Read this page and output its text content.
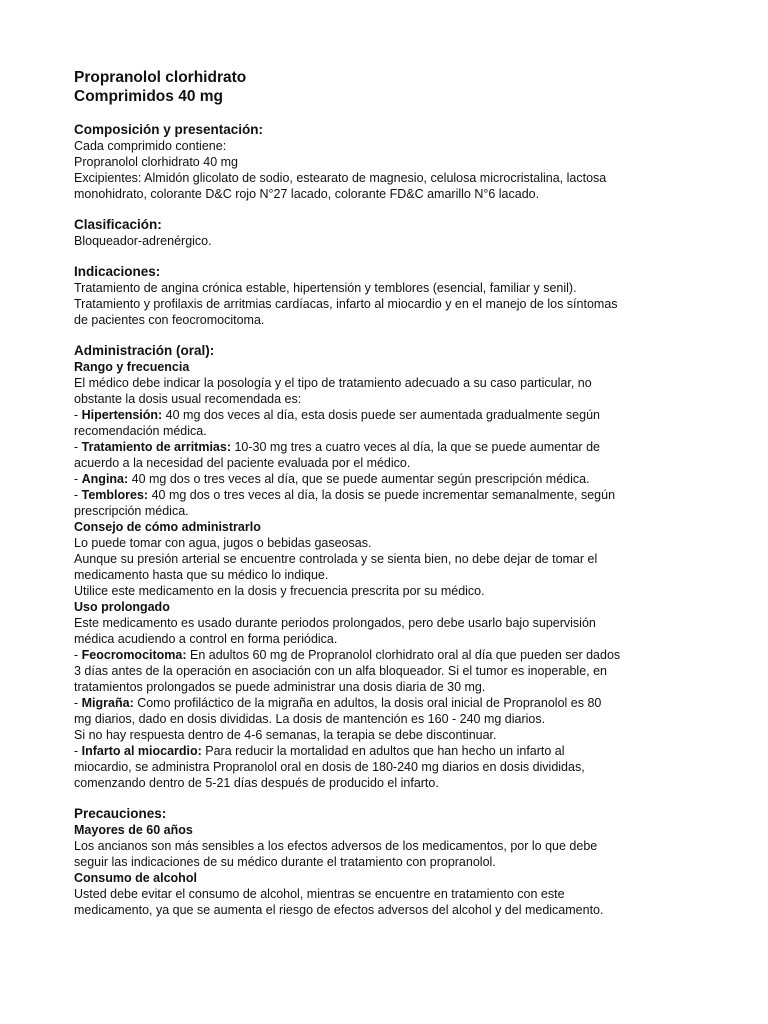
Propranolol clorhidrato
Comprimidos 40 mg
Composición y presentación:
Cada comprimido contiene:
Propranolol clorhidrato 40 mg
Excipientes: Almidón glicolato de sodio, estearato de magnesio, celulosa microcristalina, lactosa
monohidrato, colorante D&C rojo N°27 lacado, colorante FD&C amarillo N°6 lacado.
Clasificación:
Bloqueador-adrenérgico.
Indicaciones:
Tratamiento de angina crónica estable, hipertensión y temblores (esencial, familiar y senil).
Tratamiento y profilaxis de arritmias cardíacas, infarto al miocardio y en el manejo de los síntomas
de pacientes con feocromocitoma.
Administración (oral):
Rango y frecuencia
El médico debe indicar la posología y el tipo de tratamiento adecuado a su caso particular, no
obstante la dosis usual recomendada es:
- Hipertensión: 40 mg dos veces al día, esta dosis puede ser aumentada gradualmente según
recomendación médica.
- Tratamiento de arritmias: 10-30 mg tres a cuatro veces al día, la que se puede aumentar de
acuerdo a la necesidad del paciente evaluada por el médico.
- Angina: 40 mg dos o tres veces al día, que se puede aumentar según prescripción médica.
- Temblores: 40 mg dos o tres veces al día, la dosis se puede incrementar semanalmente, según
prescripción médica.
Consejo de cómo administrarlo
Lo puede tomar con agua, jugos o bebidas gaseosas.
Aunque su presión arterial se encuentre controlada y se sienta bien, no debe dejar de tomar el
medicamento hasta que su médico lo indique.
Utilice este medicamento en la dosis y frecuencia prescrita por su médico.
Uso prolongado
Este medicamento es usado durante periodos prolongados, pero debe usarlo bajo supervisión
médica acudiendo a control en forma periódica.
- Feocromocitoma: En adultos 60 mg de Propranolol clorhidrato oral al día que pueden ser dados
3 días antes de la operación en asociación con un alfa bloqueador. Si el tumor es inoperable, en
tratamientos prolongados se puede administrar una dosis diaria de 30 mg.
- Migraña: Como profiláctico de la migraña en adultos, la dosis oral inicial de Propranolol es 80
mg diarios, dado en dosis divididas. La dosis de mantención es 160 - 240 mg diarios.
Si no hay respuesta dentro de 4-6 semanas, la terapia se debe discontinuar.
- Infarto al miocardio: Para reducir la mortalidad en adultos que han hecho un infarto al
miocardio, se administra Propranolol oral en dosis de 180-240 mg diarios en dosis divididas,
comenzando dentro de 5-21 días después de producido el infarto.
Precauciones:
Mayores de 60 años
Los ancianos son más sensibles a los efectos adversos de los medicamentos, por lo que debe
seguir las indicaciones de su médico durante el tratamiento con propranolol.
Consumo de alcohol
Usted debe evitar el consumo de alcohol, mientras se encuentre en tratamiento con este
medicamento, ya que se aumenta el riesgo de efectos adversos del alcohol y del medicamento.
